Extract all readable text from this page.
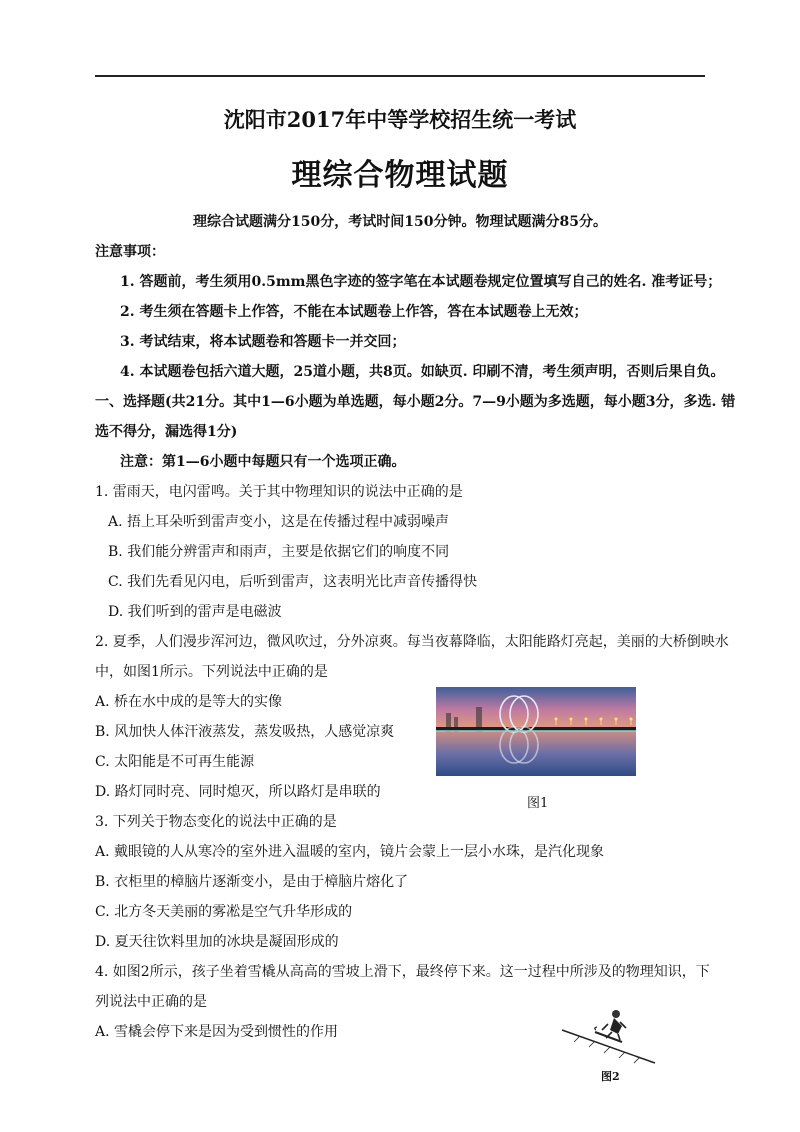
沈阳市2017年中等学校招生统一考试
理综合物理试题
理综合试题满分150分，考试时间150分钟。物理试题满分85分。
注意事项：
1. 答题前，考生须用0.5mm黑色字迹的签字笔在本试题卷规定位置填写自己的姓名. 准考证号；
2. 考生须在答题卡上作答，不能在本试题卷上作答，答在本试题卷上无效；
3. 考试结束，将本试题卷和答题卡一并交回；
4. 本试题卷包括六道大题，25道小题，共8页。如缺页. 印刷不清，考生须声明，否则后果自负。
一、选择题(共21分。其中1—6小题为单选题，每小题2分。7—9小题为多选题，每小题3分，多选. 错
选不得分，漏选得1分)
注意：第1—6小题中每题只有一个选项正确。
1. 雷雨天，电闪雷鸣。关于其中物理知识的说法中正确的是
A. 捂上耳朵听到雷声变小，这是在传播过程中减弱噪声
B. 我们能分辨雷声和雨声，主要是依据它们的响度不同
C. 我们先看见闪电，后听到雷声，这表明光比声音传播得快
D. 我们听到的雷声是电磁波
2. 夏季，人们漫步浑河边，微风吹过，分外凉爽。每当夜幕降临，太阳能路灯亮起，美丽的大桥倒映水
中，如图1所示。下列说法中正确的是
A. 桥在水中成的是等大的实像
B. 风加快人体汗液蒸发，蒸发吸热，人感觉凉爽
C. 太阳能是不可再生能源
D. 路灯同时亮、同时熄灭，所以路灯是串联的
图1
3. 下列关于物态变化的说法中正确的是
A. 戴眼镜的人从寒冷的室外进入温暖的室内，镜片会蒙上一层小水珠，是汽化现象
B. 衣柜里的樟脑片逐渐变小，是由于樟脑片熔化了
C. 北方冬天美丽的雾凇是空气升华形成的
D. 夏天往饮料里加的冰块是凝固形成的
4. 如图2所示，孩子坐着雪橇从高高的雪坡上滑下，最终停下来。这一过程中所涉及的物理知识，下
列说法中正确的是
A. 雪橇会停下来是因为受到惯性的作用
图2
